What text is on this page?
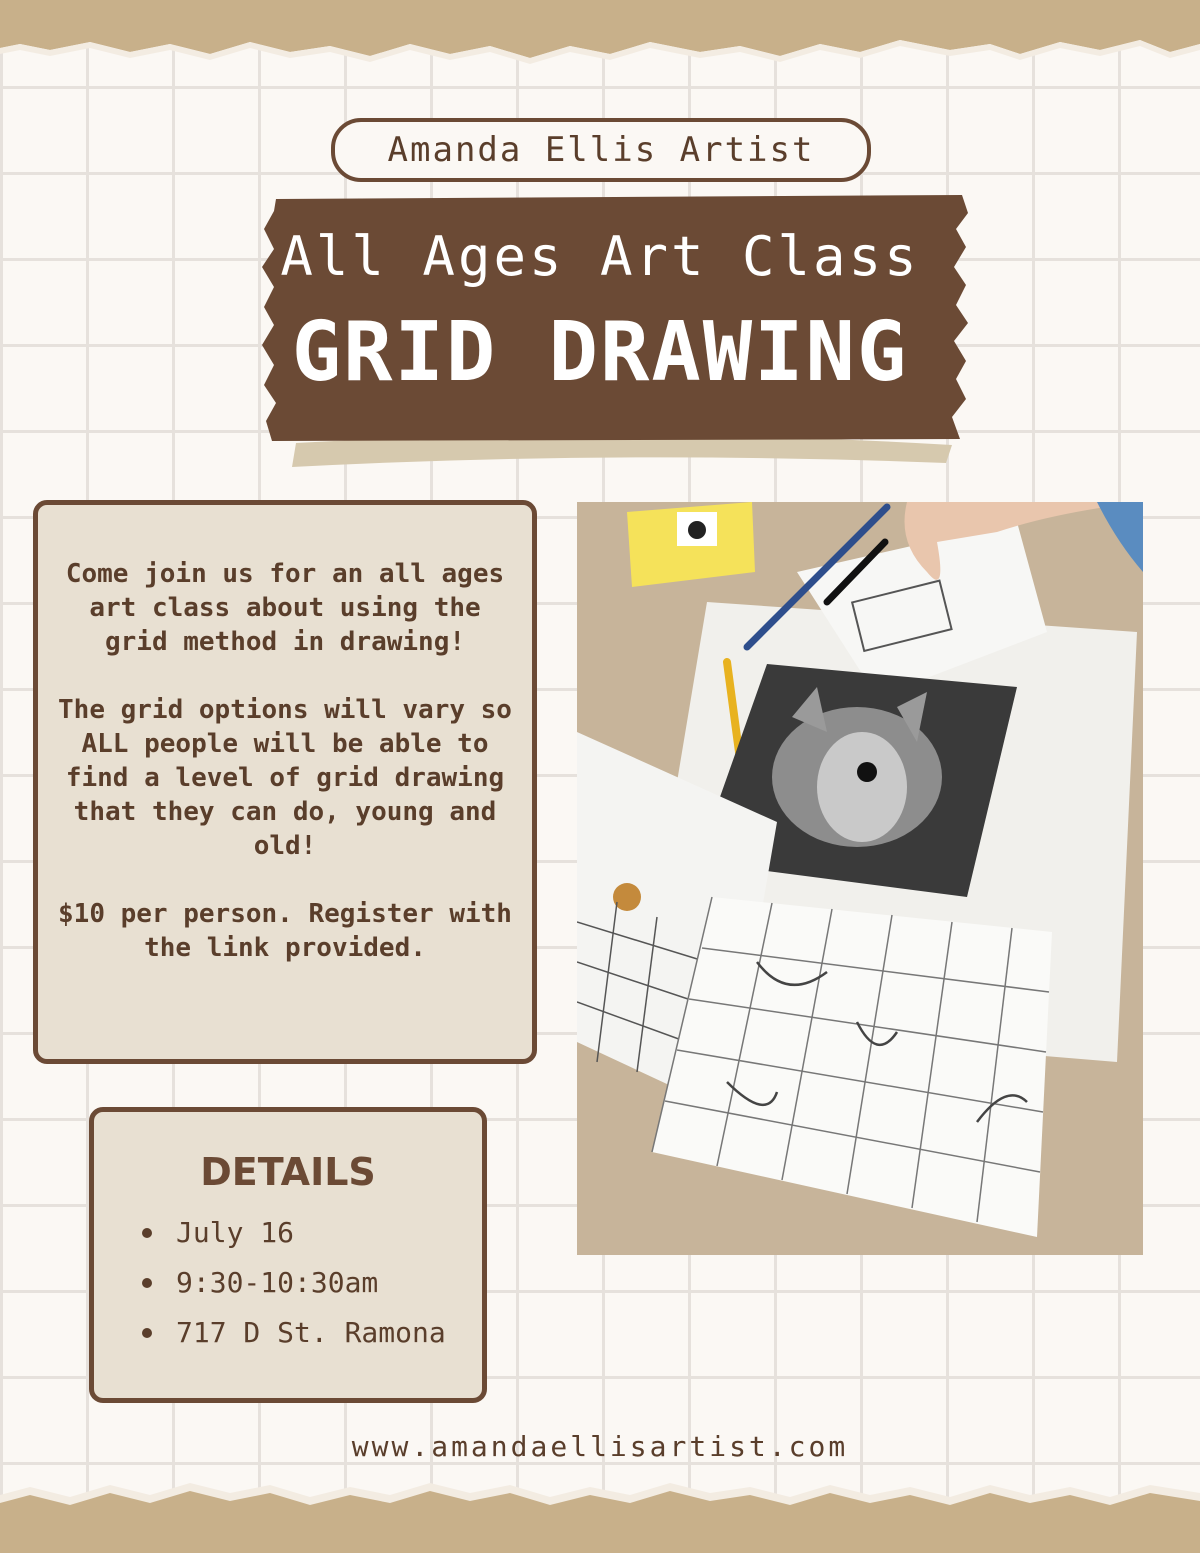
Amanda Ellis Artist
All Ages Art Class
GRID DRAWING

Come join us for an all ages art class about using the grid method in drawing!

The grid options will vary so ALL people will be able to find a level of grid drawing that they can do, young and old!

$10 per person. Register with the link provided.

DETAILS
July 16
9:30-10:30am
717 D St. Ramona
www.amandaellisartist.com
